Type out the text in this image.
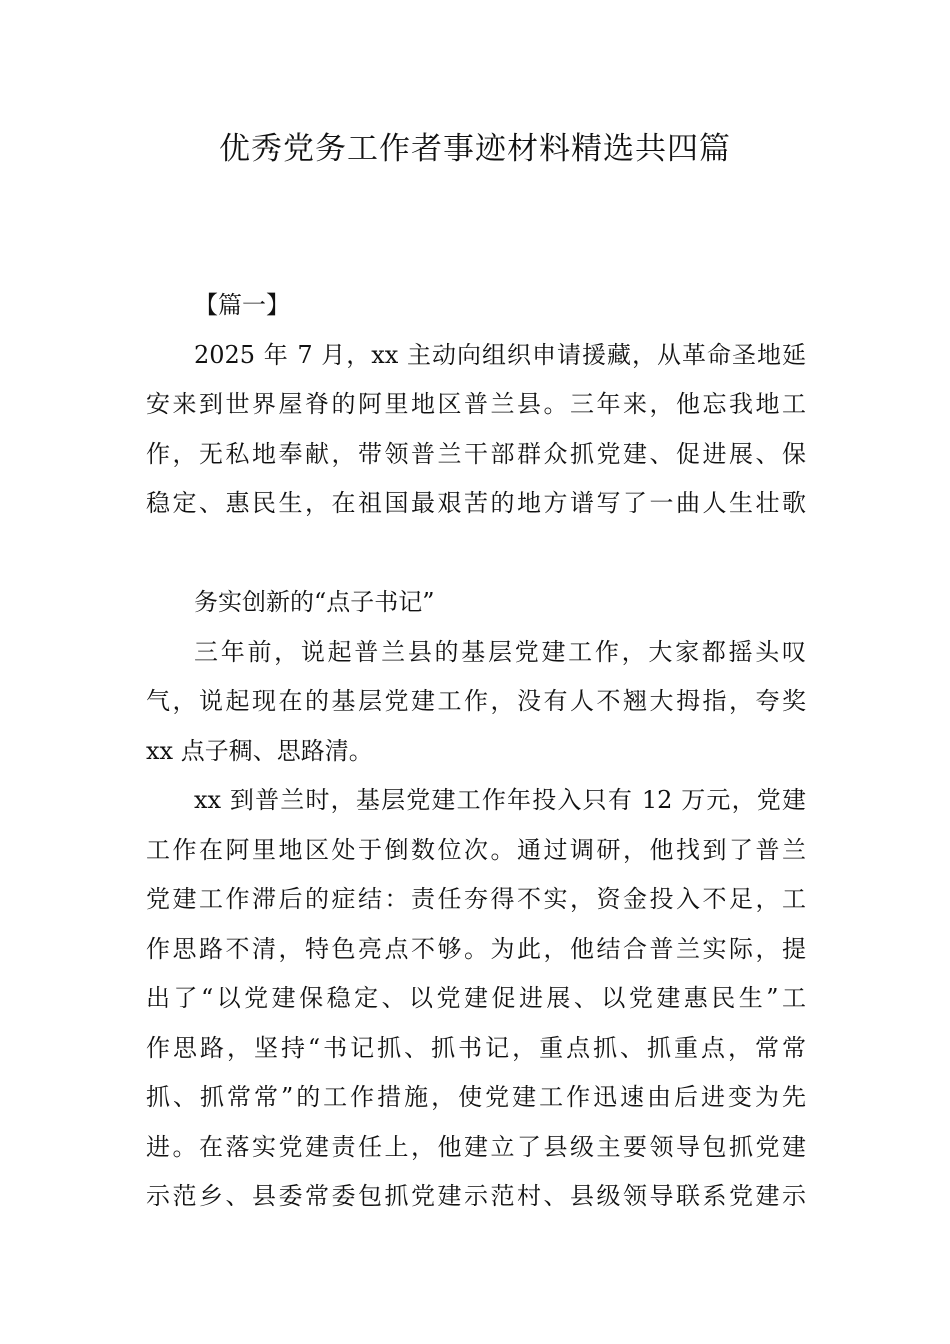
优秀党务工作者事迹材料精选共四篇
【篇一】
2025 年 7 月，xx 主动向组织申请援藏，从革命圣地延
安来到世界屋脊的阿里地区普兰县。三年来，他忘我地工
作，无私地奉献，带领普兰干部群众抓党建、促进展、保
稳定、惠民生，在祖国最艰苦的地方谱写了一曲人生壮歌
务实创新的“点子书记”
三年前，说起普兰县的基层党建工作，大家都摇头叹
气，说起现在的基层党建工作，没有人不翘大拇指，夸奖
xx 点子稠、思路清。
xx 到普兰时，基层党建工作年投入只有 12 万元，党建
工作在阿里地区处于倒数位次。通过调研，他找到了普兰
党建工作滞后的症结：责任夯得不实，资金投入不足，工
作思路不清，特色亮点不够。为此，他结合普兰实际，提
出了“以党建保稳定、以党建促进展、以党建惠民生”工
作思路，坚持“书记抓、抓书记，重点抓、抓重点，常常
抓、抓常常”的工作措施，使党建工作迅速由后进变为先
进。在落实党建责任上，他建立了县级主要领导包抓党建
示范乡、县委常委包抓党建示范村、县级领导联系党建示
